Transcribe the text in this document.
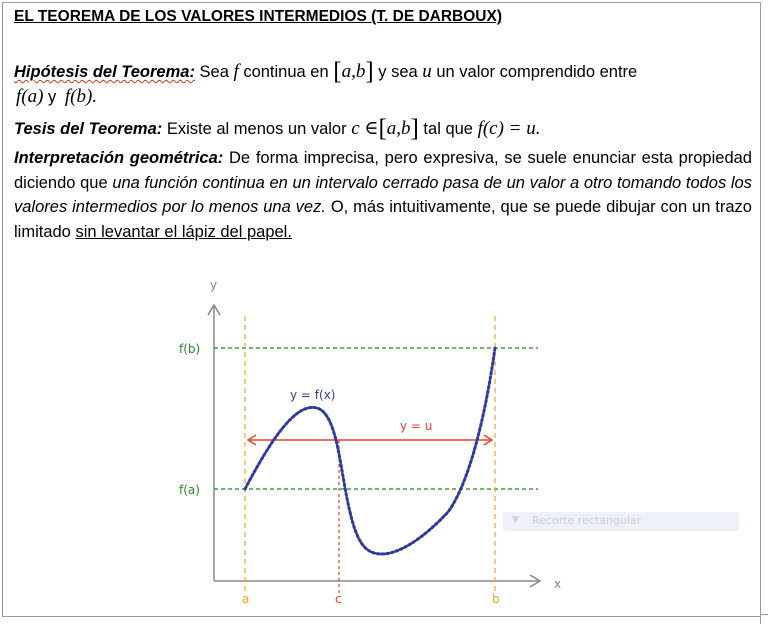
EL TEOREMA DE LOS VALORES INTERMEDIOS (T. DE DARBOUX)

Hipótesis del Teorema: Sea f continua en [a,b] y sea u un valor comprendido entre
f(a) y f(b).

Tesis del Teorema: Existe al menos un valor c ∈[a,b] tal que f(c) = u.

Interpretación geométrica: De forma imprecisa, pero expresiva, se suele enunciar esta propiedad diciendo que una función continua en un intervalo cerrado pasa de un valor a otro tomando todos los valores intermedios por lo menos una vez. O, más intuitivamente, que se puede dibujar con un trazo limitado sin levantar el lápiz del papel.

y
x
f(b)
f(a)
y = f(x)
y = u
a	c	b
▼ Recorte rectangular
